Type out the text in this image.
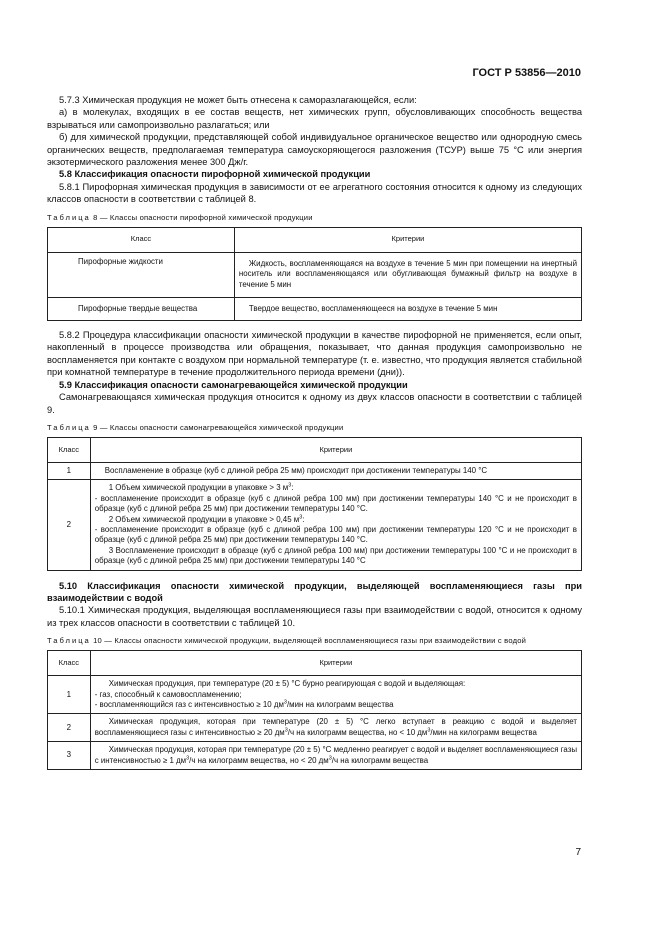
ГОСТ Р 53856—2010

5.7.3 Химическая продукция не может быть отнесена к саморазлагающейся, если:

а) в молекулах, входящих в ее состав веществ, нет химических групп, обусловливающих способность вещества взрываться или самопроизвольно разлагаться; или

б) для химической продукции, представляющей собой индивидуальное органическое вещество или однородную смесь органических веществ, предполагаемая температура самоускоряющегося разложения (ТСУР) выше 75 °С или энергия экзотермического разложения менее 300 Дж/г.

5.8 Классификация опасности пирофорной химической продукции

5.8.1 Пирофорная химическая продукция в зависимости от ее агрегатного состояния относится к одному из следующих классов опасности в соответствии с таблицей 8.

Таблица 8 — Классы опасности пирофорной химической продукции
Класс	Критерии
Пирофорные жидкости	Жидкость, воспламеняющаяся на воздухе в течение 5 мин при помещении на инертный носитель или воспламеняющаяся или обугливающая бумажный фильтр на воздухе в течение 5 мин
Пирофорные твердые вещества	Твердое вещество, воспламеняющееся на воздухе в течение 5 мин

5.8.2 Процедура классификации опасности химической продукции в качестве пирофорной не применяется, если опыт, накопленный в процессе производства или обращения, показывает, что данная продукция самопроизвольно не воспламеняется при контакте с воздухом при нормальной температуре (т. е. известно, что продукция является стабильной при комнатной температуре в течение продолжительного периода времени (дни)).

5.9 Классификация опасности самонагревающейся химической продукции

Самонагревающаяся химическая продукция относится к одному из двух классов опасности в соответствии с таблицей 9.

Таблица 9 — Классы опасности самонагревающейся химической продукции
Класс	Критерии
1	Воспламенение в образце (куб с длиной ребра 25 мм) происходит при достижении температуры 140 °С
2	1 Объем химической продукции в упаковке > 3 $м^3$:
- воспламенение происходит в образце (куб с длиной ребра 100 мм) при достижении температуры 140 °С и не происходит в образце (куб с длиной ребра 25 мм) при достижении температуры 140 °С.
2 Объем химической продукции в упаковке > 0,45 $м^3$:
- воспламенение происходит в образце (куб с длиной ребра 100 мм) при достижении температуры 120 °С и не происходит в образце (куб с длиной ребра 25 мм) при достижении температуры 140 °С.
3 Воспламенение происходит в образце (куб с длиной ребра 100 мм) при достижении температуры 100 °С и не происходит в образце (куб с длиной ребра 25 мм) при достижении температуры 140 °С

5.10 Классификация опасности химической продукции, выделяющей воспламеняющиеся газы при взаимодействии с водой

5.10.1 Химическая продукция, выделяющая воспламеняющиеся газы при взаимодействии с водой, относится к одному из трех классов опасности в соответствии с таблицей 10.

Таблица 10 — Классы опасности химической продукции, выделяющей воспламеняющиеся газы при взаимодействии с водой
Класс	Критерии
1	Химическая продукция, при температуре (20 ± 5) °С бурно реагирующая с водой и выделяющая:
- газ, способный к самовоспламенению;
- воспламеняющийся газ с интенсивностью ≥ 10 $дм^3$/мин на килограмм вещества

2	Химическая продукция, которая при температуре (20 ± 5) °С легко вступает в реакцию с водой и выделяет воспламеняющиеся газы с интенсивностью ≥ 20 $дм^3/ч$ на килограмм вещества, но < 10 $дм^3$/мин на килограмм вещества
3	Химическая продукция, которая при температуре (20 ± 5) °С медленно реагирует с водой и выделяет воспламеняющиеся газы с интенсивностью ≥ 1 $дм^3/ч$ на килограмм вещества, но < 20 $дм^3/ч$ на килограмм вещества
7
